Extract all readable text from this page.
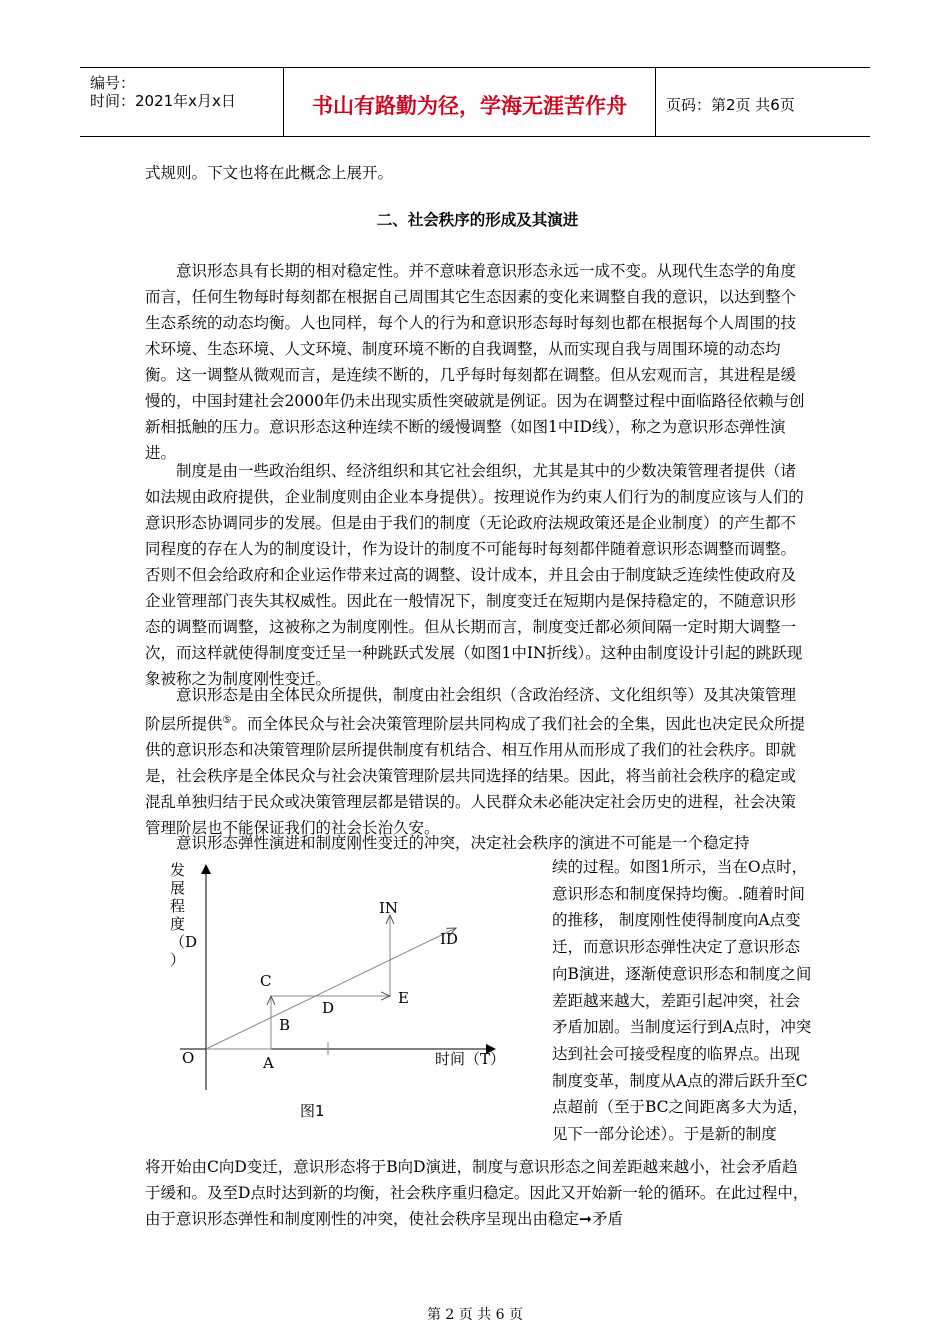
编号：
时间：2021年x月x日	书山有路勤为径，学海无涯苦作舟	页码：第2页 共6页

式规则。下文也将在此概念上展开。

二、社会秩序的形成及其演进

意识形态具有长期的相对稳定性。并不意味着意识形态永远一成不变。从现代生态学的角度而言，任何生物每时每刻都在根据自己周围其它生态因素的变化来调整自我的意识，以达到整个生态系统的动态均衡。人也同样，每个人的行为和意识形态每时每刻也都在根据每个人周围的技术环境、生态环境、人文环境、制度环境不断的自我调整，从而实现自我与周围环境的动态均衡。这一调整从微观而言，是连续不断的，几乎每时每刻都在调整。但从宏观而言，其进程是缓慢的，中国封建社会2000年仍未出现实质性突破就是例证。因为在调整过程中面临路径依赖与创新相抵触的压力。意识形态这种连续不断的缓慢调整（如图1中ID线），称之为意识形态弹性演进。

制度是由一些政治组织、经济组织和其它社会组织，尤其是其中的少数决策管理者提供（诸如法规由政府提供，企业制度则由企业本身提供）。按理说作为约束人们行为的制度应该与人们的意识形态协调同步的发展。但是由于我们的制度（无论政府法规政策还是企业制度）的产生都不同程度的存在人为的制度设计，作为设计的制度不可能每时每刻都伴随着意识形态调整而调整。否则不但会给政府和企业运作带来过高的调整、设计成本，并且会由于制度缺乏连续性使政府及企业管理部门丧失其权威性。因此在一般情况下，制度变迁在短期内是保持稳定的，不随意识形态的调整而调整，这被称之为制度刚性。但从长期而言，制度变迁都必须间隔一定时期大调整一次，而这样就使得制度变迁呈一种跳跃式发展（如图1中IN折线）。这种由制度设计引起的跳跃现象被称之为制度刚性变迁。

意识形态是由全体民众所提供，制度由社会组织（含政治经济、文化组织等）及其决策管理阶层所提供⑤。而全体民众与社会决策管理阶层共同构成了我们社会的全集，因此也决定民众所提供的意识形态和决策管理阶层所提供制度有机结合、相互作用从而形成了我们的社会秩序。即就是，社会秩序是全体民众与社会决策管理阶层共同选择的结果。因此，将当前社会秩序的稳定或混乱单独归结于民众或决策管理层都是错误的。人民群众未必能决定社会历史的进程，社会决策管理阶层也不能保证我们的社会长治久安。

意识形态弹性演进和制度刚性变迁的冲突，决定社会秩序的演进不可能是一个稳定持

发
展
程
度
（D
）
O	A
B
C
D
E
IN
ID
时间（T）
图1

续的过程。如图1所示，当在O点时，意识形态和制度保持均衡。.随着时间的推移， 制度刚性使得制度向A点变迁，而意识形态弹性决定了意识形态向B演进，逐渐使意识形态和制度之间差距越来越大，差距引起冲突，社会矛盾加剧。当制度运行到A点时，冲突达到社会可接受程度的临界点。出现制度变革，制度从A点的滞后跃升至C点超前（至于BC之间距离多大为适，见下一部分论述）。于是新的制度

将开始由C向D变迁，意识形态将于B向D演进，制度与意识形态之间差距越来越小，社会矛盾趋于缓和。及至D点时达到新的均衡，社会秩序重归稳定。因此又开始新一轮的循环。在此过程中，由于意识形态弹性和制度刚性的冲突，使社会秩序呈现出由稳定➞矛盾

第 2 页 共 6 页
